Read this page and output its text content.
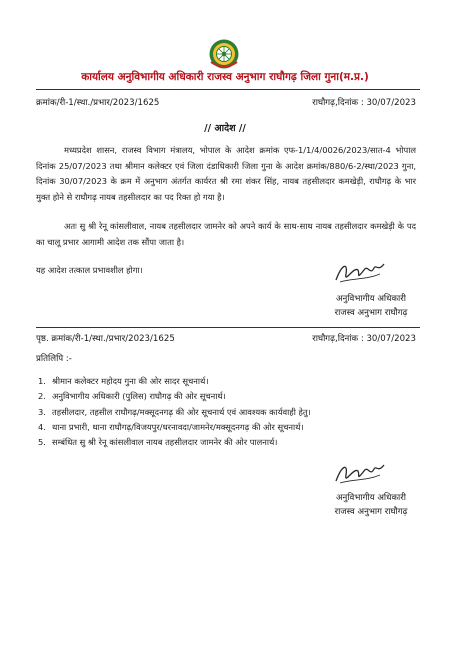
कार्यालय अनुविभागीय अधिकारी राजस्व अनुभाग राघौगढ़ जिला गुना(म.प्र.)
क्रमांक/री-1/स्था./प्रभार/2023/1625	राघौगढ़,दिनांक : 30/07/2023
// आदेश //
मध्यप्रदेश शासन, राजस्व विभाग मंत्रालय, भोपाल के आदेश क्रमांक एफ-1/1/4/0026/2023/सात-4 भोपाल दिनांक 25/07/2023 तथा श्रीमान कलेक्टर एवं जिला दंडाधिकारी जिला गुना के आदेश क्रमांक/880/6-2/स्था/2023 गुना, दिनांक 30/07/2023 के क्रम में अनुभाग अंतर्गत कार्यरत श्री रमा शंकर सिंह, नायब तहसीलदार कमखेड़ी, राघौगढ़ के भार मुक्त होने से राघौगढ़ नायब तहसीलदार का पद रिक्त हो गया है।
अतः सु श्री रेनू कांसलीवाल, नायब तहसीलदार जामनेर को अपने कार्य के साथ-साथ नायब तहसीलदार कमखेड़ी के पद का चालू प्रभार आगामी आदेश तक सौंपा जाता है।
यह आदेश तत्काल प्रभावशील होगा।
अनुविभागीय अधिकारी
राजस्व अनुभाग राघौगढ़
पृष्ठ. क्रमांक/री-1/स्था./प्रभार/2023/1625	राघौगढ़,दिनांक : 30/07/2023
प्रतिलिपि :-
1. श्रीमान कलेक्टर महोदय गुना की ओर सादर सूचनार्थ।
2. अनुविभागीय अधिकारी (पुलिस) राघौगढ़ की ओर सूचनार्थ।
3. तहसीलदार, तहसील राघौगढ़/मक्सूदनगढ़ की ओर सूचनार्थ एवं आवश्यक कार्यवाही हेतु।
4. थाना प्रभारी, थाना राघौगढ़/विजयपुर/धरनावदा/जामनेर/मक्सूदनगढ़ की ओर सूचनार्थ।
5. सम्बंधित सु श्री रेनू कांसलीवाल नायब तहसीलदार जामनेर की ओर पालनार्थ।
अनुविभागीय अधिकारी
राजस्व अनुभाग राघौगढ़
